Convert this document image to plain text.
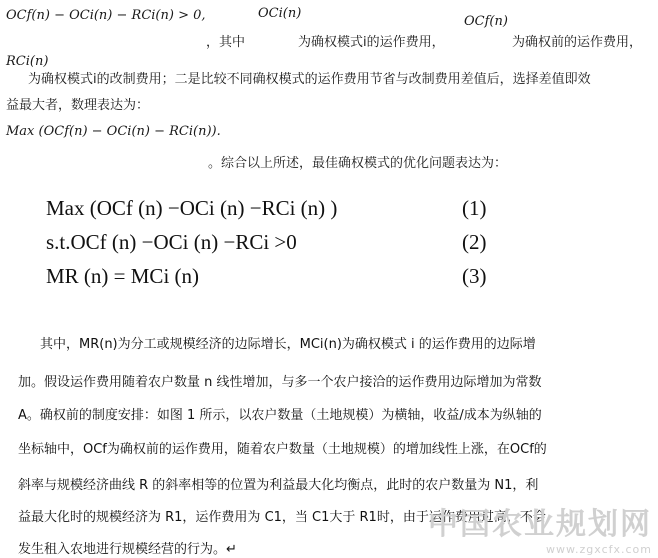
OCf(n) − OCi(n) − RCi(n) > 0,	OCi(n)
OCf(n)
，其中	为确权模式i的运作费用，	为确权前的运作费用，
RCi(n)
为确权模式i的改制费用；二是比较不同确权模式的运作费用节省与改制费用差值后，选择差值即效
益最大者，数理表达为：
Max (OCf(n) − OCi(n) − RCi(n)).
。综合以上所述，最佳确权模式的优化问题表达为：
Max (OCf (n) −OCi (n) −RCi (n) )	(1)
s.t.OCf (n) −OCi (n) −RCi >0	(2)
MR (n) = MCi (n)	(3)
其中，MR(n)为分工或规模经济的边际增长，MCi(n)为确权模式 i 的运作费用的边际增
加。假设运作费用随着农户数量 n 线性增加，与多一个农户接洽的运作费用边际增加为常数
A。确权前的制度安排：如图 1 所示，以农户数量（土地规模）为横轴，收益/成本为纵轴的
坐标轴中，OCf为确权前的运作费用，随着农户数量（土地规模）的增加线性上涨，在OCf的
斜率与规模经济曲线 R 的斜率相等的位置为利益最大化均衡点，此时的农户数量为 N1，利
益最大化时的规模经济为 R1，运作费用为 C1，当 C1大于 R1时，由于运作费用过高，不会
发生租入农地进行规模经营的行为。↵
中国农业规划网
www.zgxcfx.com
